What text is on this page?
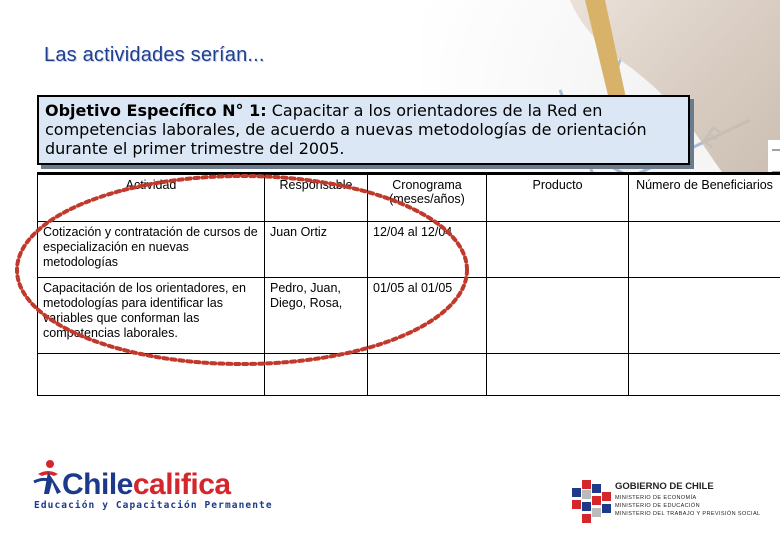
Las actividades serían...

Objetivo Específico N° 1: Capacitar a los orientadores de la Red en competencias laborales, de acuerdo a nuevas metodologías de orientación durante el primer trimestre del 2005.

Actividad	Responsable	Cronograma (meses/años)	Producto	Número de Beneficiarios
Cotización y contratación de cursos de especialización en nuevas metodologías	Juan Ortiz	12/04 al 12/04		
Capacitación de los orientadores, en metodologías para identificar las variables que conforman las competencias laborales.	Pedro, Juan, Diego, Rosa,	01/05 al 01/05		

Chilecalifica
Educación y Capacitación Permanente
GOBIERNO DE CHILE
MINISTERIO DE ECONOMÍA
MINISTERIO DE EDUCACIÓN
MINISTERIO DEL TRABAJO Y PREVISIÓN SOCIAL
